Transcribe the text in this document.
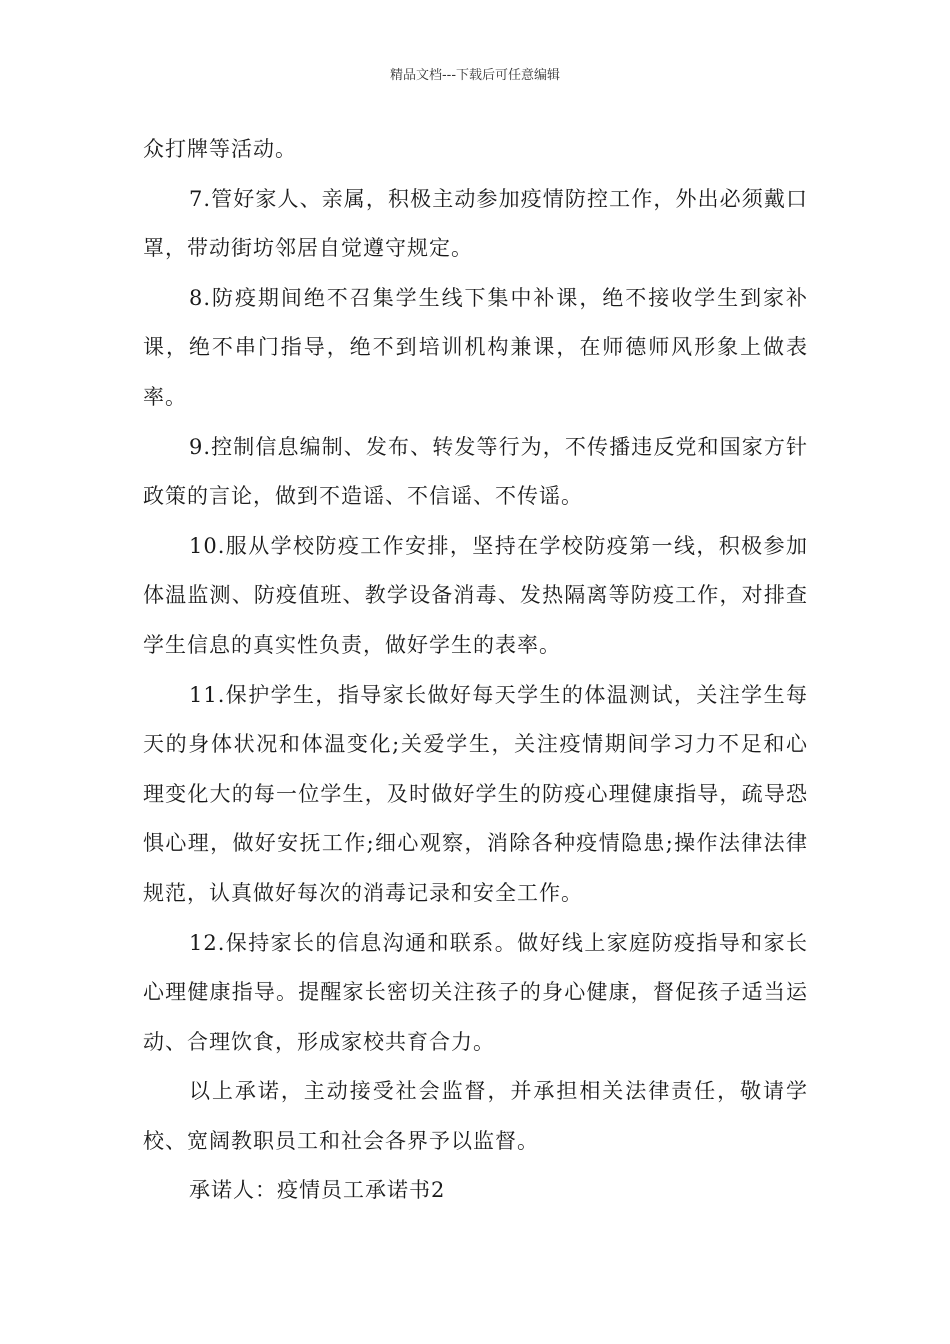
精品文档---下载后可任意编辑

众打牌等活动。

7.管好家人、亲属，积极主动参加疫情防控工作，外出必须戴口罩，带动街坊邻居自觉遵守规定。

8.防疫期间绝不召集学生线下集中补课，绝不接收学生到家补课，绝不串门指导，绝不到培训机构兼课，在师德师风形象上做表率。

9.控制信息编制、发布、转发等行为，不传播违反党和国家方针政策的言论，做到不造谣、不信谣、不传谣。

10.服从学校防疫工作安排，坚持在学校防疫第一线，积极参加体温监测、防疫值班、教学设备消毒、发热隔离等防疫工作，对排查学生信息的真实性负责，做好学生的表率。

11.保护学生，指导家长做好每天学生的体温测试，关注学生每天的身体状况和体温变化;关爱学生，关注疫情期间学习力不足和心理变化大的每一位学生，及时做好学生的防疫心理健康指导，疏导恐惧心理，做好安抚工作;细心观察，消除各种疫情隐患;操作法律法律规范，认真做好每次的消毒记录和安全工作。

12.保持家长的信息沟通和联系。做好线上家庭防疫指导和家长心理健康指导。提醒家长密切关注孩子的身心健康，督促孩子适当运动、合理饮食，形成家校共育合力。

以上承诺，主动接受社会监督，并承担相关法律责任，敬请学校、宽阔教职员工和社会各界予以监督。

承诺人：疫情员工承诺书2
